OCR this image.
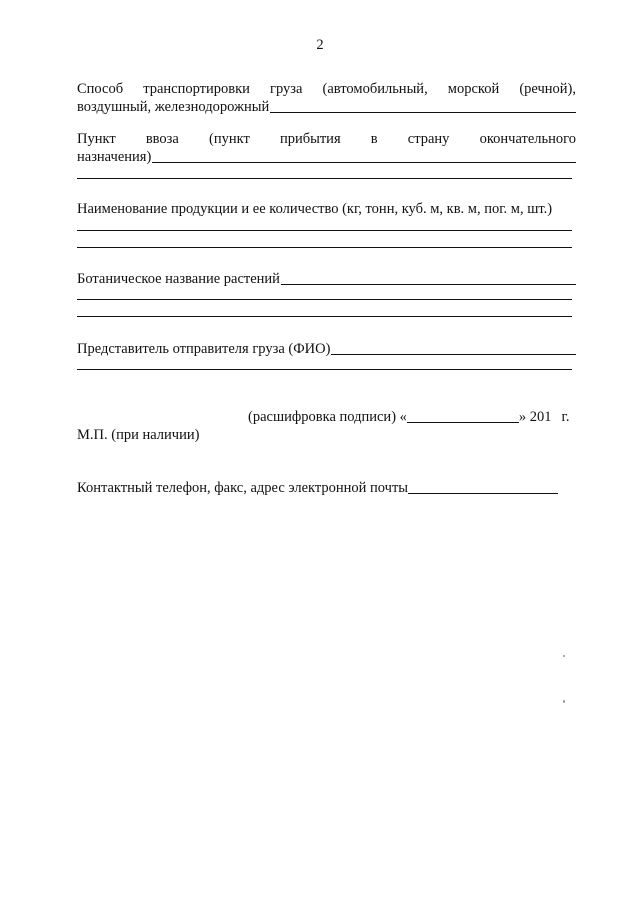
2
Способ транспортировки груза (автомобильный, морской (речной),
воздушный, железнодорожный
Пункт ввоза (пункт прибытия в страну окончательного
назначения)
Наименование продукции и ее количество (кг, тонн, куб. м, кв. м, пог. м, шт.)
Ботаническое название растений
Представитель отправителя груза (ФИО)
(расшифровка подписи) «	» 201 г.
М.П. (при наличии)
Контактный телефон, факс, адрес электронной почты
